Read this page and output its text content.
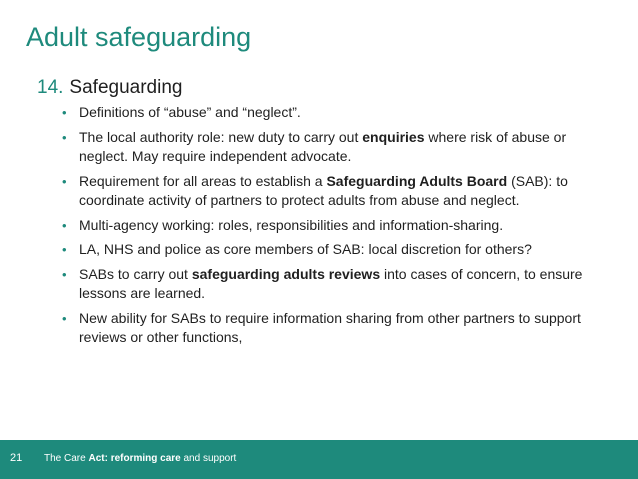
Adult safeguarding
14. Safeguarding
• Definitions of “abuse” and “neglect”.
• The local authority role: new duty to carry out enquiries where risk of abuse or neglect. May require independent advocate.
• Requirement for all areas to establish a Safeguarding Adults Board (SAB): to coordinate activity of partners to protect adults from abuse and neglect.
• Multi-agency working: roles, responsibilities and information-sharing.
• LA, NHS and police as core members of SAB: local discretion for others?
• SABs to carry out safeguarding adults reviews into cases of concern, to ensure lessons are learned.
• New ability for SABs to require information sharing from other partners to support reviews or other functions,
21 The Care Act: reforming care and support
